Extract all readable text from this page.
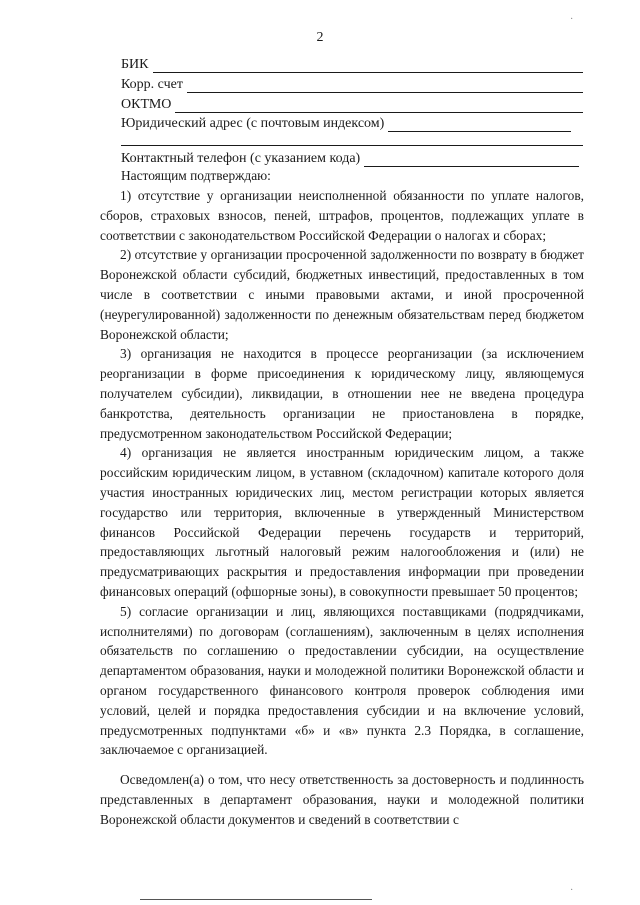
2
БИК
Корр. счет
ОКТМО
Юридический адрес (с почтовым индексом)
Контактный телефон (с указанием кода)
Настоящим подтверждаю:

1) отсутствие у организации неисполненной обязанности по уплате налогов, сборов, страховых взносов, пеней, штрафов, процентов, подлежащих уплате в соответствии с законодательством Российской Федерации о налогах и сборах;

2) отсутствие у организации просроченной задолженности по возврату в бюджет Воронежской области субсидий, бюджетных инвестиций, предоставленных в том числе в соответствии с иными правовыми актами, и иной просроченной (неурегулированной) задолженности по денежным обязательствам перед бюджетом Воронежской области;

3) организация не находится в процессе реорганизации (за исключением реорганизации в форме присоединения к юридическому лицу, являющемуся получателем субсидии), ликвидации, в отношении нее не введена процедура банкротства, деятельность организации не приостановлена в порядке, предусмотренном законодательством Российской Федерации;

4) организация не является иностранным юридическим лицом, а также российским юридическим лицом, в уставном (складочном) капитале которого доля участия иностранных юридических лиц, местом регистрации которых является государство или территория, включенные в утвержденный Министерством финансов Российской Федерации перечень государств и территорий, предоставляющих льготный налоговый режим налогообложения и (или) не предусматривающих раскрытия и предоставления информации при проведении финансовых операций (офшорные зоны), в совокупности превышает 50 процентов;

5) согласие организации и лиц, являющихся поставщиками (подрядчиками, исполнителями) по договорам (соглашениям), заключенным в целях исполнения обязательств по соглашению о предоставлении субсидии, на осуществление департаментом образования, науки и молодежной политики Воронежской области и органом государственного финансового контроля проверок соблюдения ими условий, целей и порядка предоставления субсидии и на включение условий, предусмотренных подпунктами «б» и «в» пункта 2.3 Порядка, в соглашение, заключаемое с организацией.

Осведомлен(а) о том, что несу ответственность за достоверность и подлинность представленных в департамент образования, науки и молодежной политики Воронежской области документов и сведений в соответствии с

·
·
